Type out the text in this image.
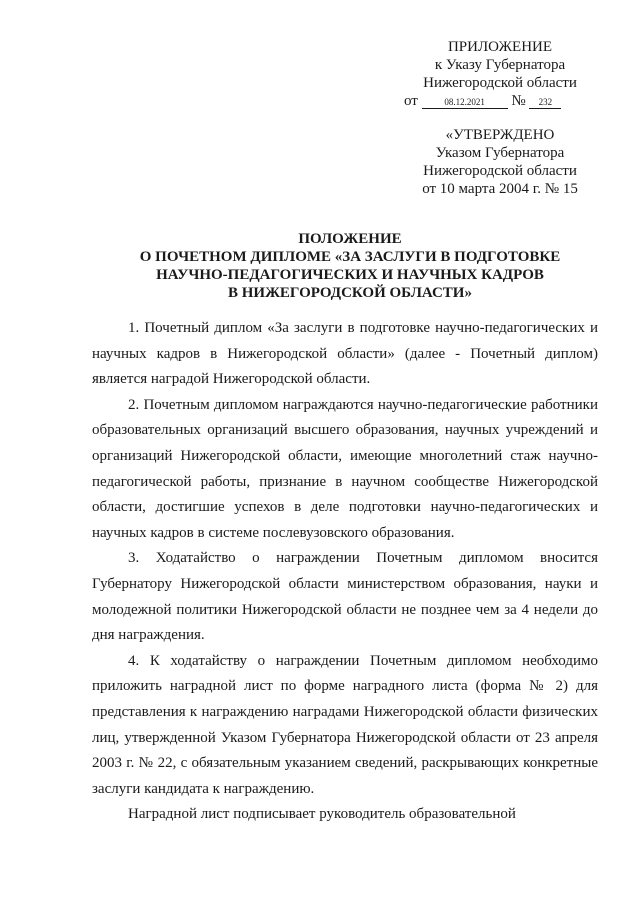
ПРИЛОЖЕНИЕ
к Указу Губернатора
Нижегородской области
от	08.12.2021 № 232
«УТВЕРЖДЕНО
Указом Губернатора
Нижегородской области
от 10 марта 2004 г. № 15
ПОЛОЖЕНИЕ
О ПОЧЕТНОМ ДИПЛОМЕ «ЗА ЗАСЛУГИ В ПОДГОТОВКЕ
НАУЧНО-ПЕДАГОГИЧЕСКИХ И НАУЧНЫХ КАДРОВ
В НИЖЕГОРОДСКОЙ ОБЛАСТИ»

1. Почетный диплом «За заслуги в подготовке научно-педагогических и научных кадров в Нижегородской области» (далее - Почетный диплом) является наградой Нижегородской области.

2. Почетным дипломом награждаются научно-педагогические работники образовательных организаций высшего образования, научных учреждений и организаций Нижегородской области, имеющие многолетний стаж научно-педагогической работы, признание в научном сообществе Нижегородской области, достигшие успехов в деле подготовки научно-педагогических и научных кадров в системе послевузовского образования.

3. Ходатайство о награждении Почетным дипломом вносится Губернатору Нижегородской области министерством образования, науки и молодежной политики Нижегородской области не позднее чем за 4 недели до дня награждения.

4. К ходатайству о награждении Почетным дипломом необходимо приложить наградной лист по форме наградного листа (форма № 2) для представления к награждению наградами Нижегородской области физических лиц, утвержденной Указом Губернатора Нижегородской области от 23 апреля 2003 г. № 22, с обязательным указанием сведений, раскрывающих конкретные заслуги кандидата к награждению.

Наградной лист подписывает руководитель образовательной
